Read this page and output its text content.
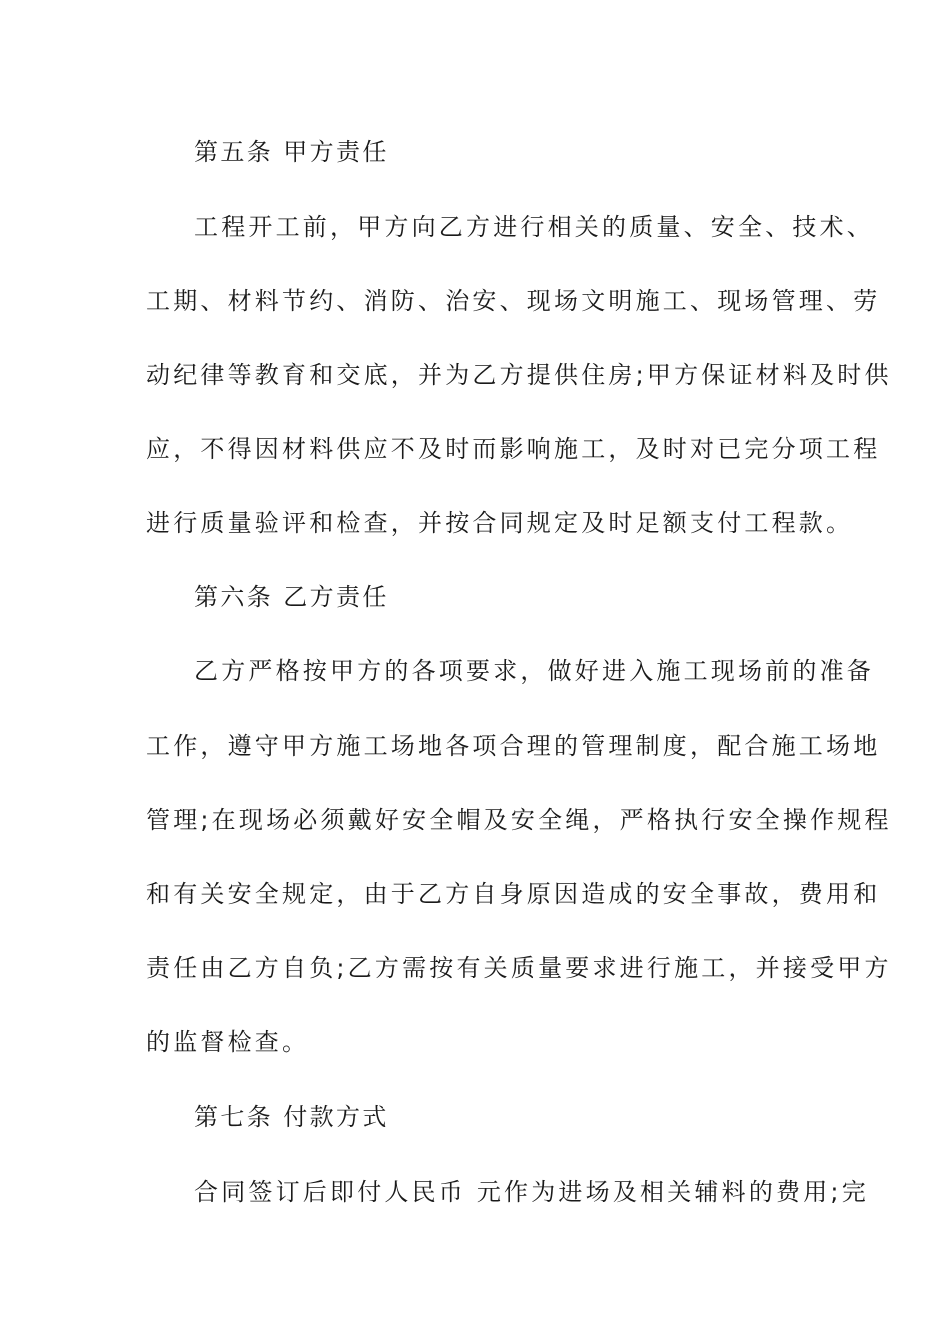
第五条 甲方责任
工程开工前，甲方向乙方进行相关的质量、安全、技术、
工期、材料节约、消防、治安、现场文明施工、现场管理、劳
动纪律等教育和交底，并为乙方提供住房;甲方保证材料及时供
应，不得因材料供应不及时而影响施工，及时对已完分项工程
进行质量验评和检查，并按合同规定及时足额支付工程款。
第六条 乙方责任
乙方严格按甲方的各项要求，做好进入施工现场前的准备
工作，遵守甲方施工场地各项合理的管理制度，配合施工场地
管理;在现场必须戴好安全帽及安全绳，严格执行安全操作规程
和有关安全规定，由于乙方自身原因造成的安全事故，费用和
责任由乙方自负;乙方需按有关质量要求进行施工，并接受甲方
的监督检查。
第七条 付款方式
合同签订后即付人民币 元作为进场及相关辅料的费用;完
